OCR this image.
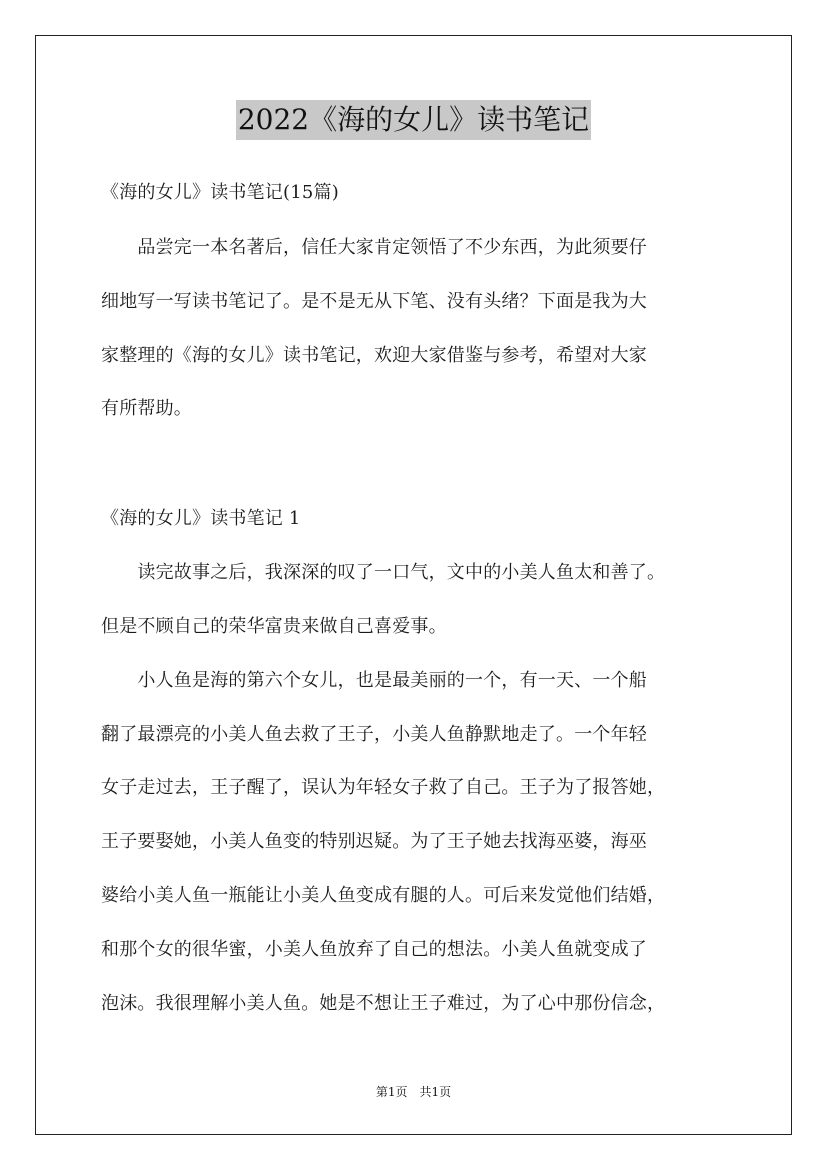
2022《海的女儿》读书笔记
《海的女儿》读书笔记(15篇)
　　品尝完一本名著后，信任大家肯定领悟了不少东西，为此须要仔
细地写一写读书笔记了。是不是无从下笔、没有头绪？下面是我为大
家整理的《海的女儿》读书笔记，欢迎大家借鉴与参考，希望对大家
有所帮助。
《海的女儿》读书笔记 1
　　读完故事之后，我深深的叹了一口气，文中的小美人鱼太和善了。
但是不顾自己的荣华富贵来做自己喜爱事。
　　小人鱼是海的第六个女儿，也是最美丽的一个，有一天、一个船
翻了最漂亮的小美人鱼去救了王子，小美人鱼静默地走了。一个年轻
女子走过去，王子醒了，误认为年轻女子救了自己。王子为了报答她，
王子要娶她，小美人鱼变的特别迟疑。为了王子她去找海巫婆，海巫
婆给小美人鱼一瓶能让小美人鱼变成有腿的人。可后来发觉他们结婚，
和那个女的很华蜜，小美人鱼放弃了自己的想法。小美人鱼就变成了
泡沫。我很理解小美人鱼。她是不想让王子难过，为了心中那份信念，
第1页　共1页
